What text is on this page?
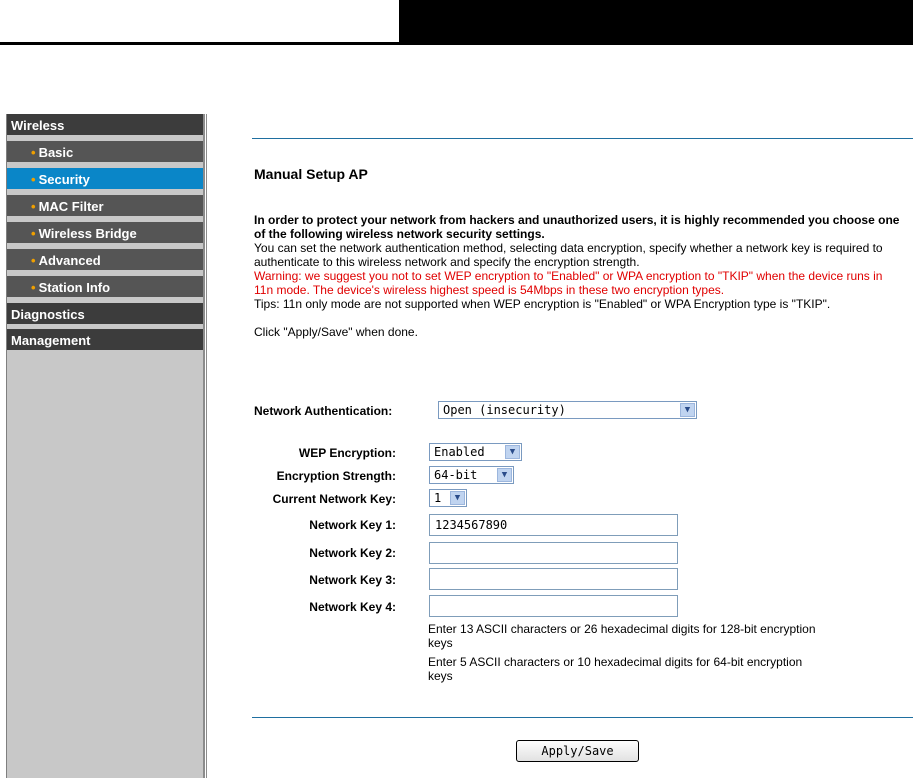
Wireless
• Basic
• Security
• MAC Filter
• Wireless Bridge
• Advanced
• Station Info
Diagnostics
Management
Manual Setup AP
In order to protect your network from hackers and unauthorized users, it is highly recommended you choose one of the following wireless network security settings.
You can set the network authentication method, selecting data encryption, specify whether a network key is required to authenticate to this wireless network and specify the encryption strength.
Warning: we suggest you not to set WEP encryption to "Enabled" or WPA encryption to "TKIP" when the device runs in 11n mode. The device's wireless highest speed is 54Mbps in these two encryption types.
Tips: 11n only mode are not supported when WEP encryption is "Enabled" or WPA Encryption type is "TKIP".
Click "Apply/Save" when done.
Network Authentication:	Open (insecurity)	▼
WEP Encryption:	Enabled	▼
Encryption Strength:	64-bit	▼
Current Network Key:	1	▼
Network Key 1:	1234567890
Network Key 2:
Network Key 3:
Network Key 4:
Enter 13 ASCII characters or 26 hexadecimal digits for 128-bit encryption keys
Enter 5 ASCII characters or 10 hexadecimal digits for 64-bit encryption keys
Apply/Save
